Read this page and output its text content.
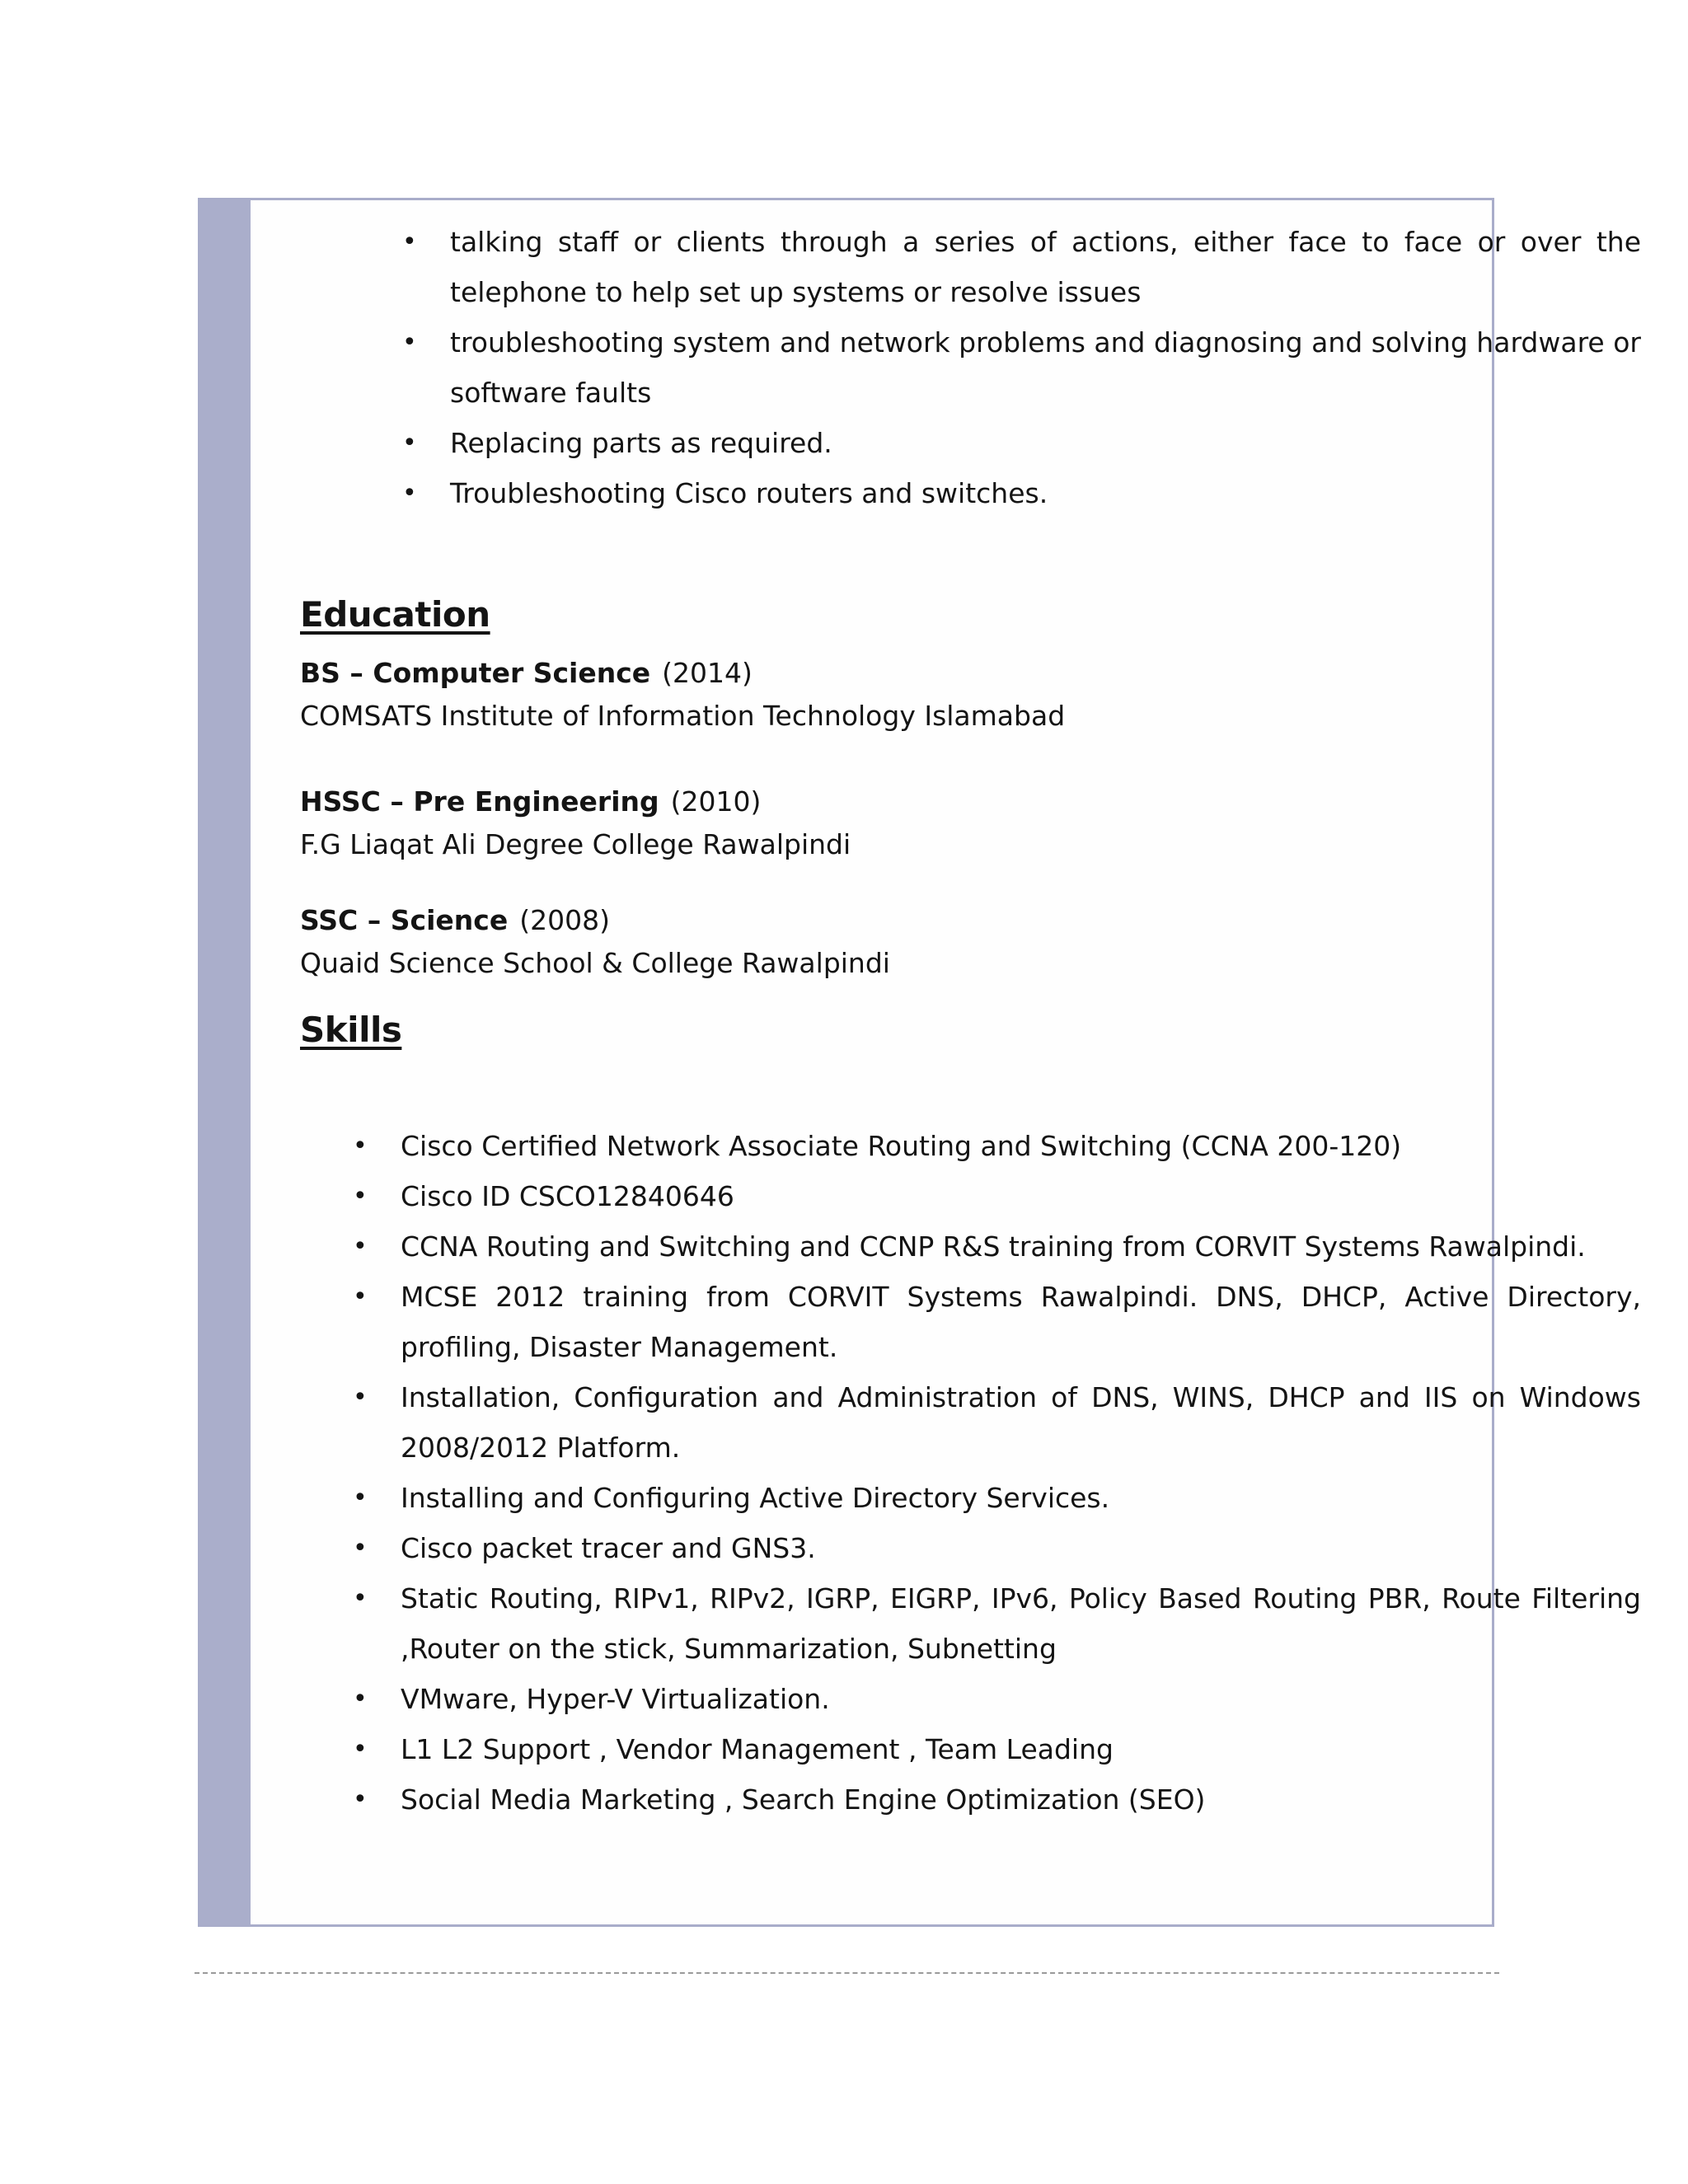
• talking staff or clients through a series of actions, either face to face or over the telephone to help set up systems or resolve issues
• troubleshooting system and network problems and diagnosing and solving hardware or software faults
• Replacing parts as required.
• Troubleshooting Cisco routers and switches.
Education
BS – Computer Science (2014)
COMSATS Institute of Information Technology Islamabad
HSSC – Pre Engineering (2010)
F.G Liaqat Ali Degree College Rawalpindi
SSC – Science (2008)
Quaid Science School & College Rawalpindi
Skills
• Cisco Certified Network Associate Routing and Switching (CCNA 200-120)
• Cisco ID CSCO12840646
• CCNA Routing and Switching and CCNP R&S training from CORVIT Systems Rawalpindi.
• MCSE 2012 training from CORVIT Systems Rawalpindi. DNS, DHCP, Active Directory, profiling, Disaster Management.
• Installation, Configuration and Administration of DNS, WINS, DHCP and IIS on Windows 2008/2012 Platform.
• Installing and Configuring Active Directory Services.
• Cisco packet tracer and GNS3.
• Static Routing, RIPv1, RIPv2, IGRP, EIGRP, IPv6, Policy Based Routing PBR, Route Filtering ,Router on the stick, Summarization, Subnetting
• VMware, Hyper-V Virtualization.
• L1 L2 Support , Vendor Management , Team Leading
• Social Media Marketing , Search Engine Optimization (SEO)
